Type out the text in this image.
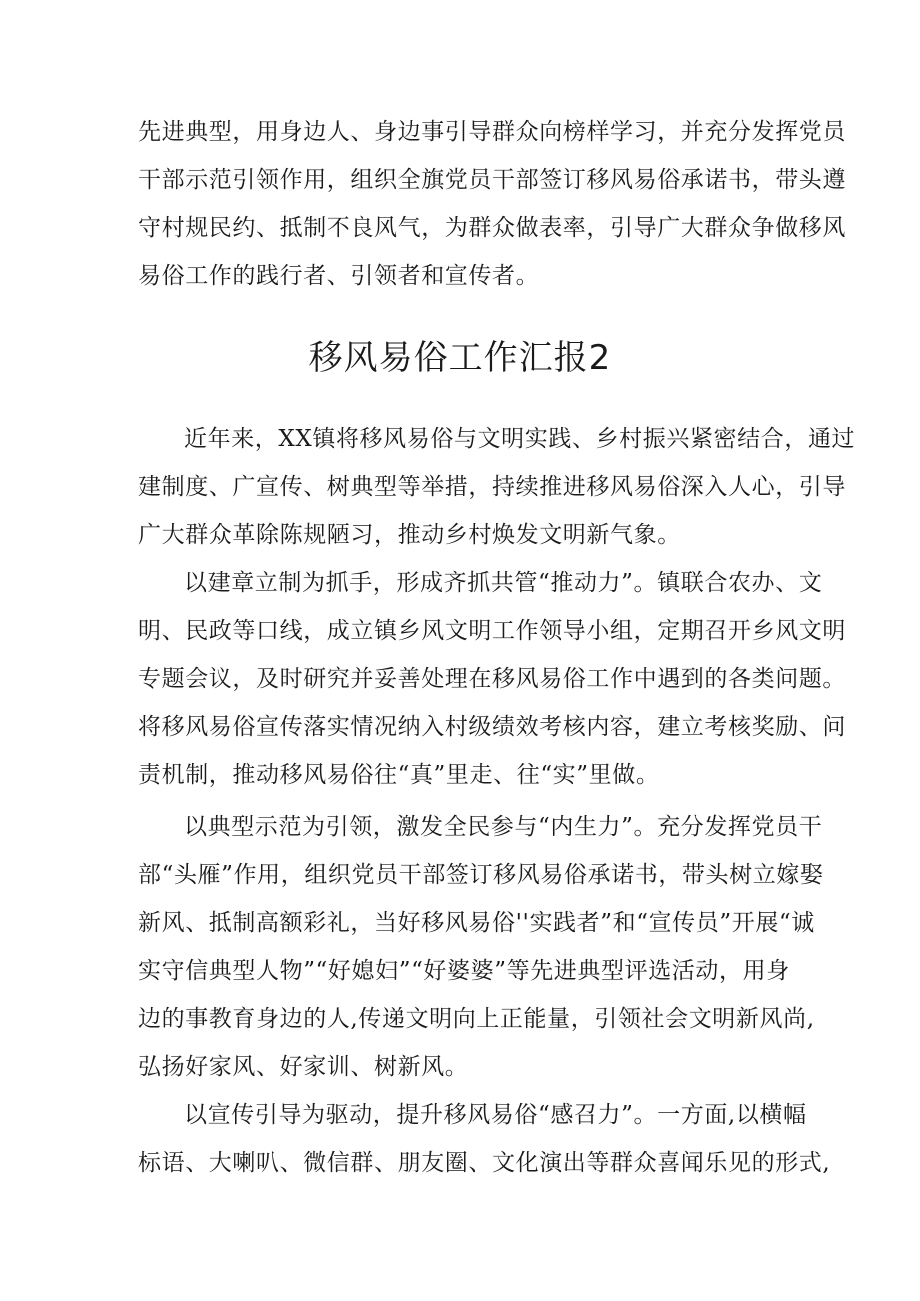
先进典型，用身边人、身边事引导群众向榜样学习，并充分发挥党员
干部示范引领作用，组织全旗党员干部签订移风易俗承诺书，带头遵
守村规民约、抵制不良风气，为群众做表率，引导广大群众争做移风
易俗工作的践行者、引领者和宣传者。
移风易俗工作汇报2
近年来，XX镇将移风易俗与文明实践、乡村振兴紧密结合，通过
建制度、广宣传、树典型等举措，持续推进移风易俗深入人心，引导
广大群众革除陈规陋习，推动乡村焕发文明新气象。
以建章立制为抓手，形成齐抓共管“推动力”。镇联合农办、文
明、民政等口线，成立镇乡风文明工作领导小组，定期召开乡风文明
专题会议，及时研究并妥善处理在移风易俗工作中遇到的各类问题。
将移风易俗宣传落实情况纳入村级绩效考核内容，建立考核奖励、问
责机制，推动移风易俗往“真”里走、往“实”里做。
以典型示范为引领，激发全民参与“内生力”。充分发挥党员干
部“头雁”作用，组织党员干部签订移风易俗承诺书，带头树立嫁娶
新风、抵制高额彩礼，当好移风易俗''实践者”和“宣传员”开展“诚
实守信典型人物”“好媳妇”“好婆婆”等先进典型评选活动，用身
边的事教育身边的人,传递文明向上正能量，引领社会文明新风尚,
弘扬好家风、好家训、树新风。
以宣传引导为驱动，提升移风易俗“感召力”。一方面,以横幅
标语、大喇叭、微信群、朋友圈、文化演出等群众喜闻乐见的形式,
